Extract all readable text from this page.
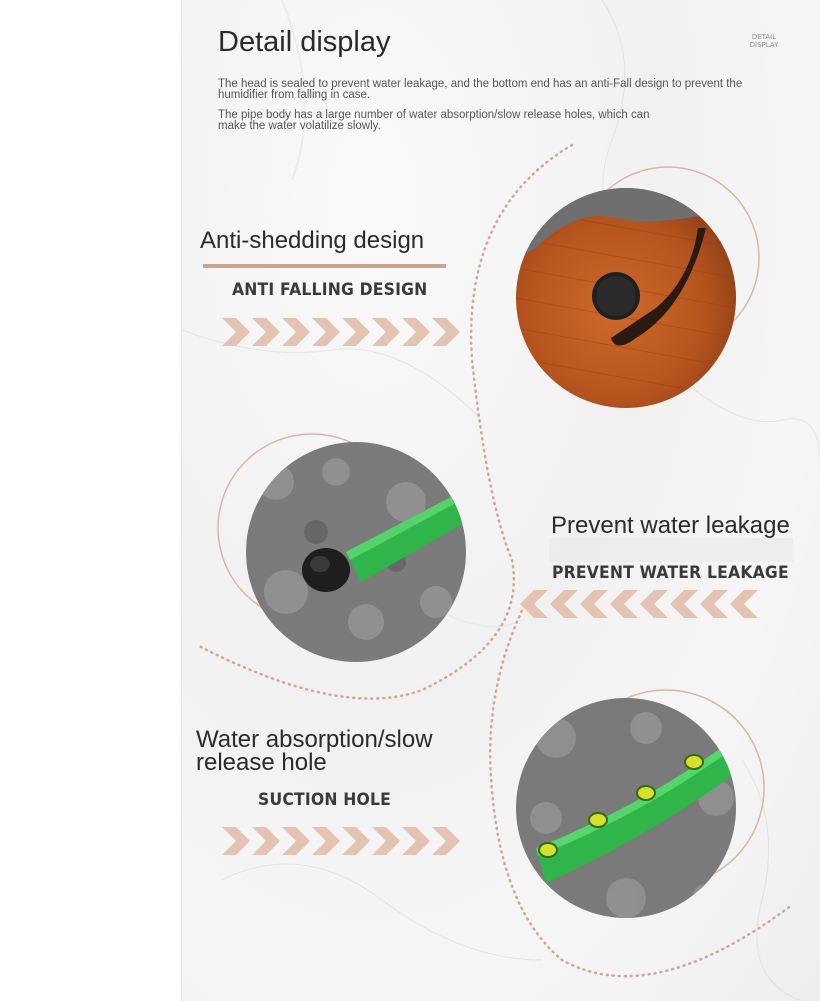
Detail display	DETAIL
DISPLAY
The head is sealed to prevent water leakage, and the bottom end has an anti-Fall design to prevent the humidifier from falling in case.
The pipe body has a large number of water absorption/slow release holes, which can make the water volatilize slowly.
Anti-shedding design
ANTI FALLING DESIGN
Prevent water leakage
PREVENT WATER LEAKAGE
Water absorption/slow release hole
SUCTION HOLE
